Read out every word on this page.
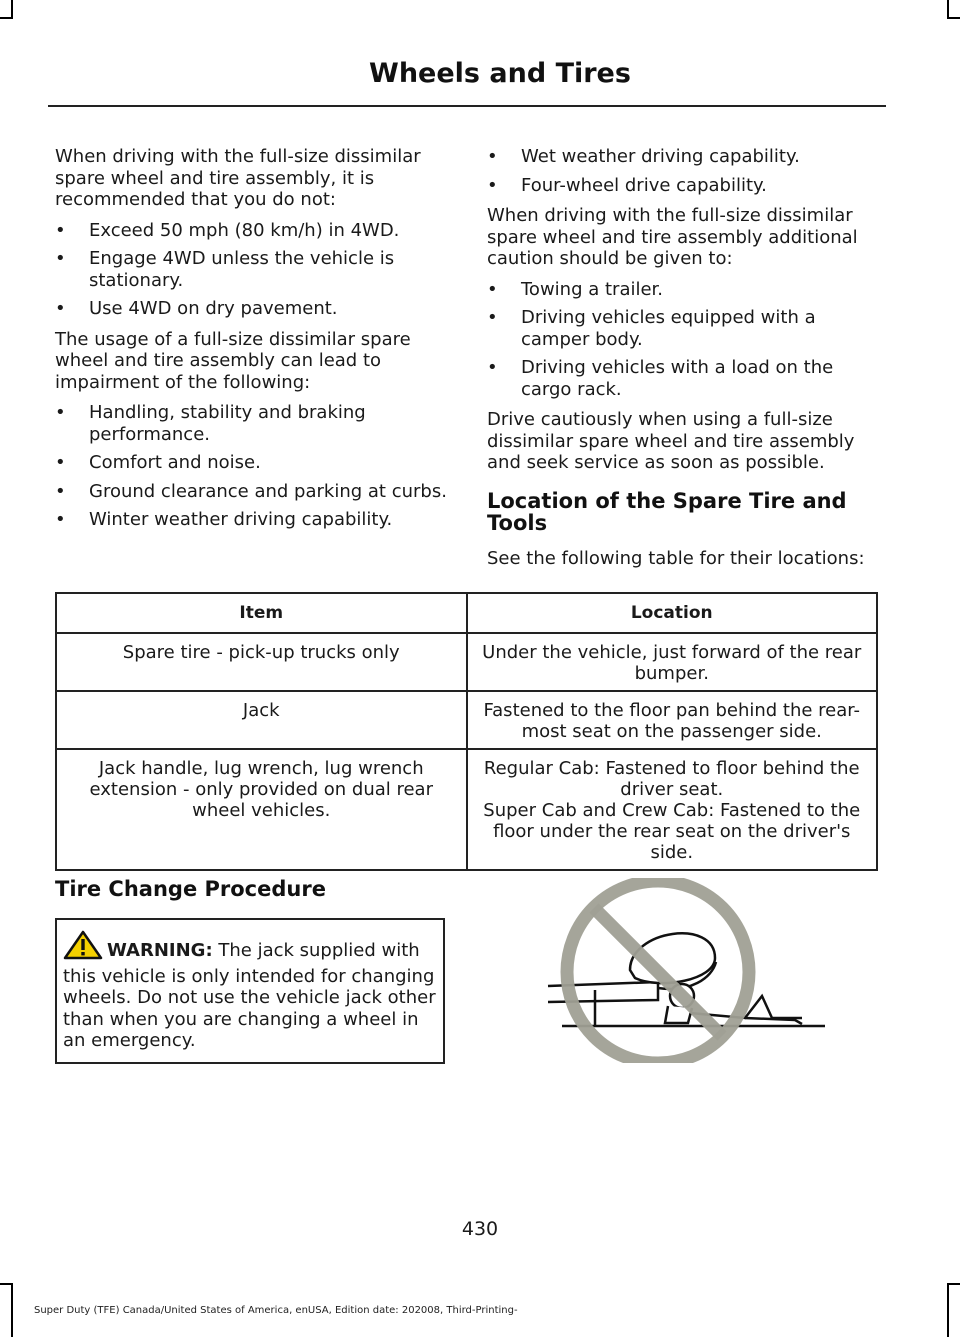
Wheels and Tires

When driving with the full-size dissimilar spare wheel and tire assembly, it is recommended that you do not:

• Exceed 50 mph (80 km/h) in 4WD.
• Engage 4WD unless the vehicle is stationary.
• Use 4WD on dry pavement.

The usage of a full-size dissimilar spare wheel and tire assembly can lead to impairment of the following:

• Handling, stability and braking performance.
• Comfort and noise.
• Ground clearance and parking at curbs.
• Winter weather driving capability.
• Wet weather driving capability.
• Four-wheel drive capability.

When driving with the full-size dissimilar spare wheel and tire assembly additional caution should be given to:

• Towing a trailer.
• Driving vehicles equipped with a camper body.
• Driving vehicles with a load on the cargo rack.

Drive cautiously when using a full-size dissimilar spare wheel and tire assembly and seek service as soon as possible.

Location of the Spare Tire and Tools

See the following table for their locations:

Item	Location
Spare tire - pick-up trucks only	Under the vehicle, just forward of the rear bumper.
Jack	Fastened to the floor pan behind the rear-most seat on the passenger side.
Jack handle, lug wrench, lug wrench extension - only provided on dual rear wheel vehicles.	Regular Cab: Fastened to floor behind the driver seat.
Super Cab and Crew Cab: Fastened to the floor under the rear seat on the driver's side.
Tire Change Procedure
WARNING: The jack supplied with this vehicle is only intended for changing wheels. Do not use the vehicle jack other than when you are changing a wheel in an emergency.
430
Super Duty (TFE) Canada/United States of America, enUSA, Edition date: 202008, Third-Printing-
